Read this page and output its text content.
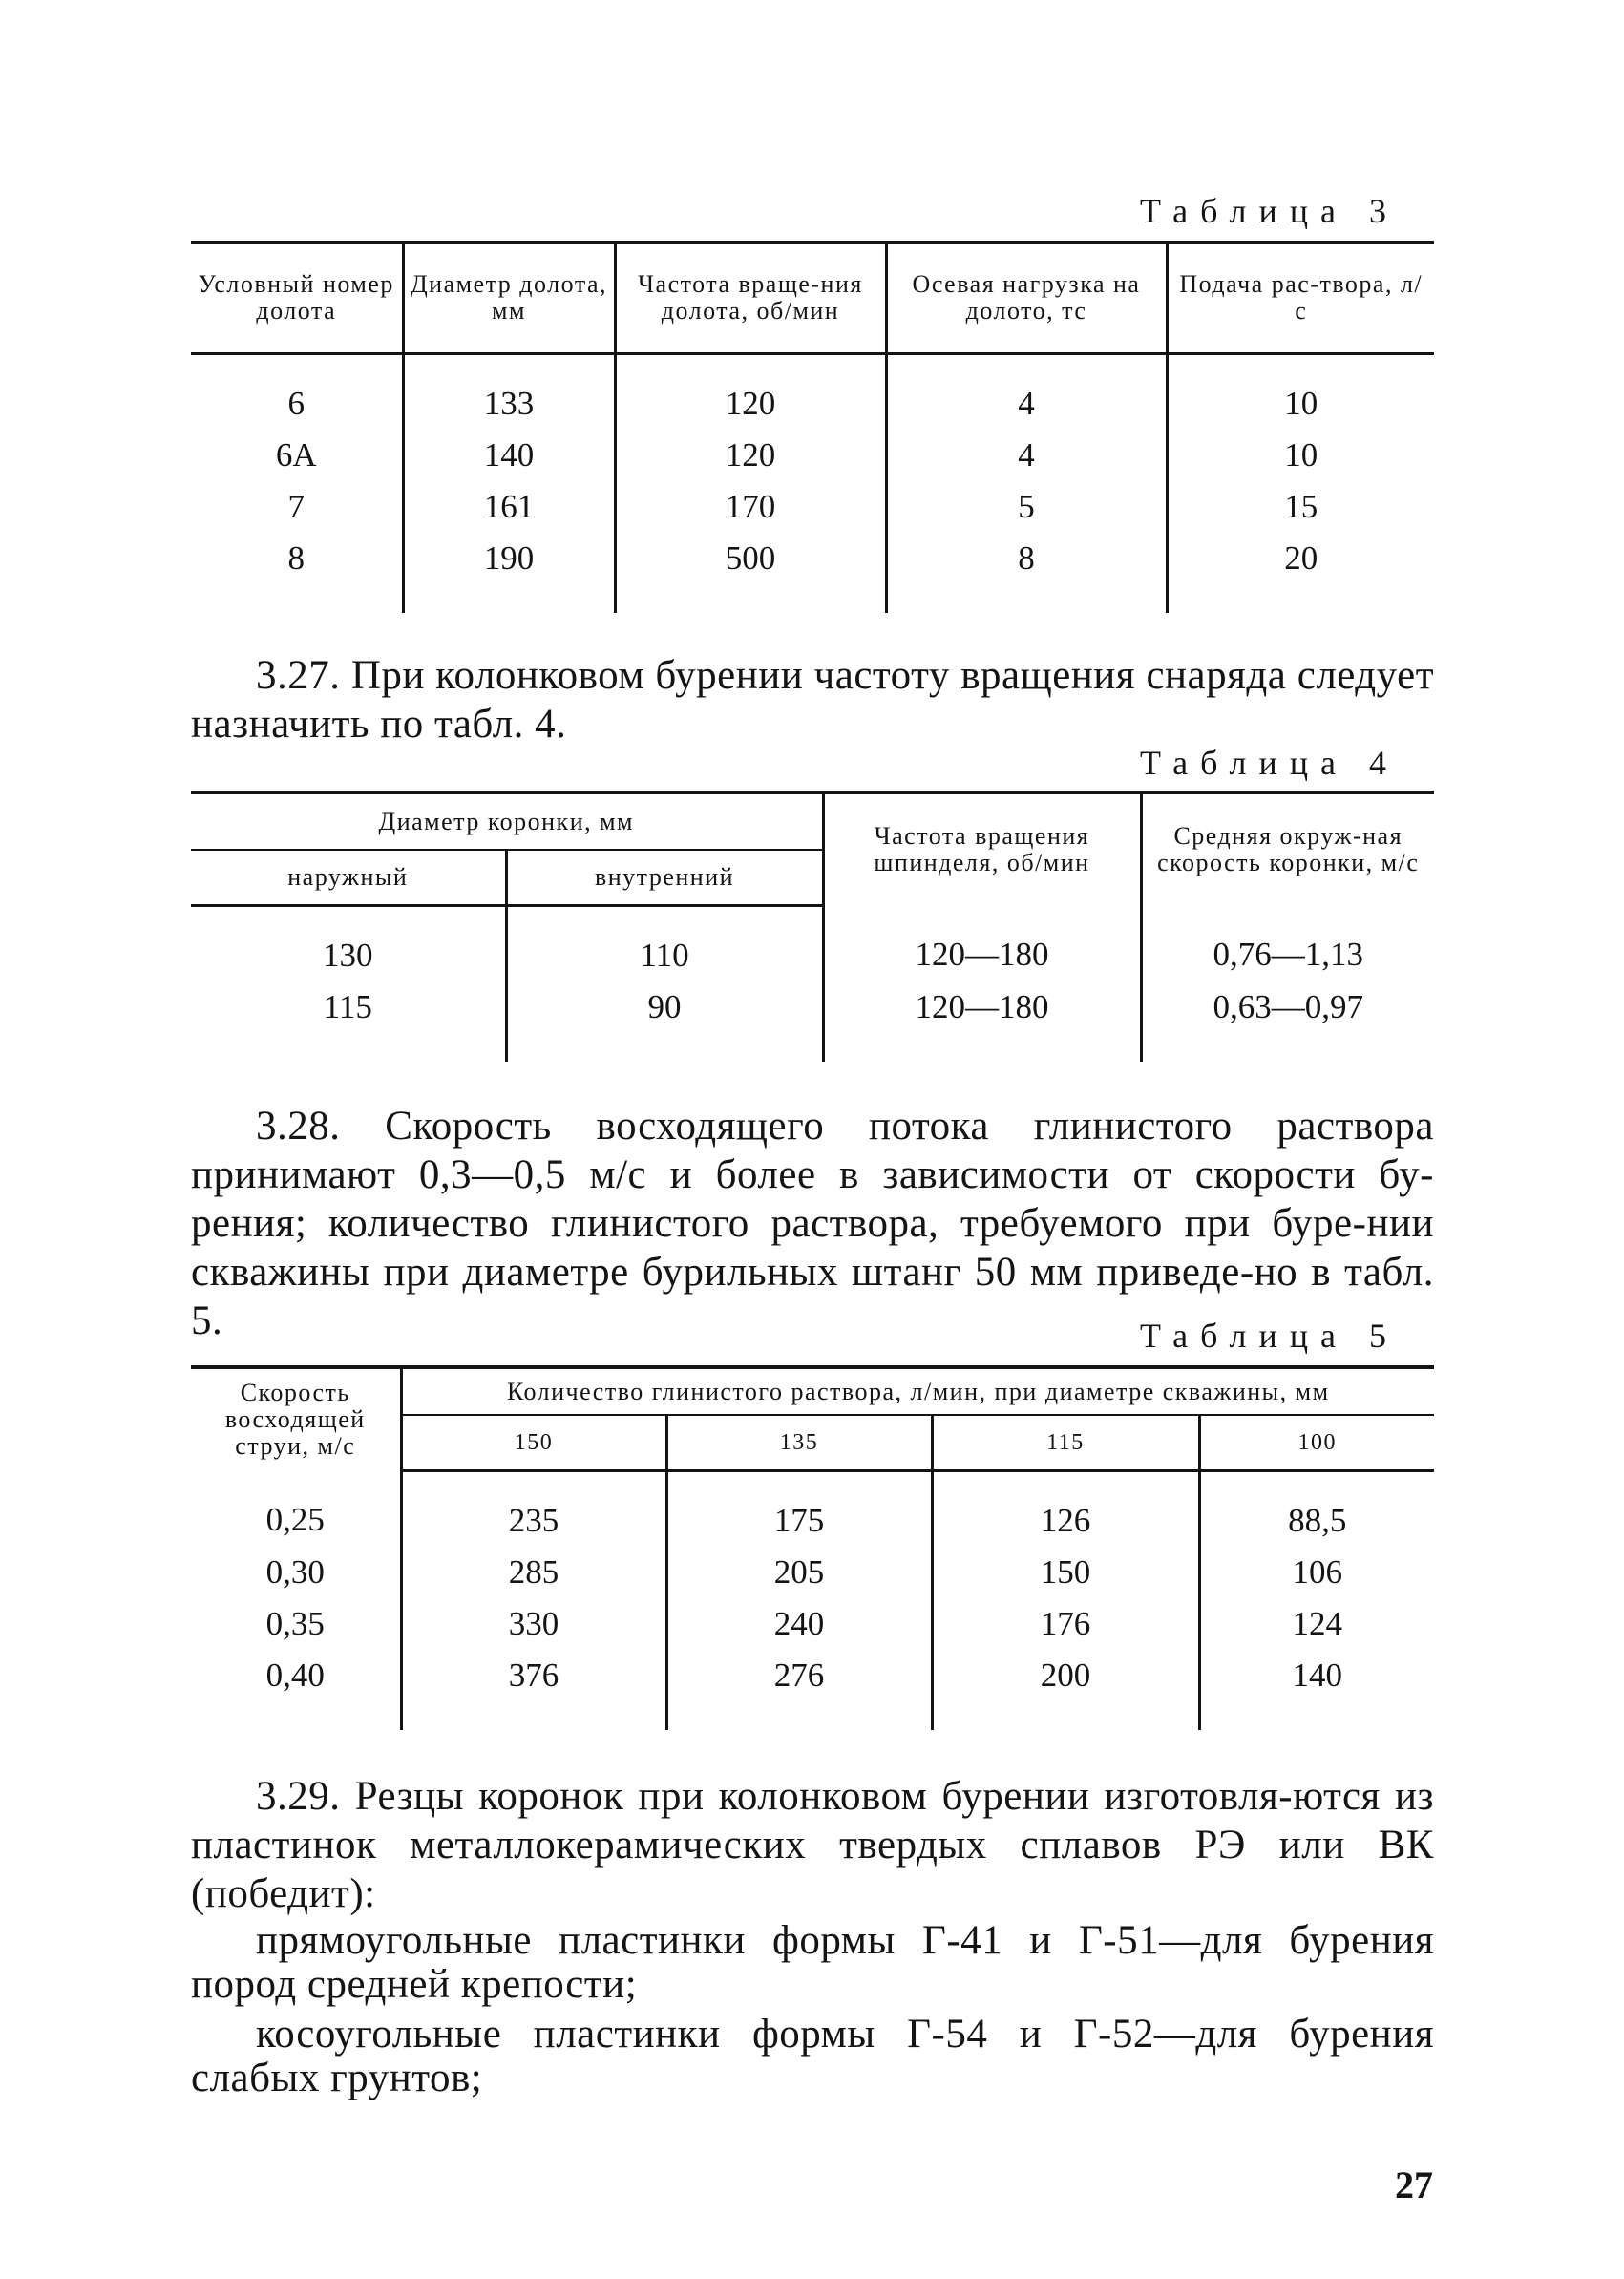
Таблица 3
Условный номер долота	Диаметр долота, мм	Частота враще-ния долота, об/мин	Осевая нагрузка на долото, тс	Подача рас-твора, л/с
6	133	120	4	10
6А	140	120	4	10
7	161	170	5	15
8	190	500	8	20

3.27. При колонковом бурении частоту вращения снаряда следует назначить по табл. 4.

Таблица 4
Диаметр коронки, мм		Частота вращения шпинделя, об/мин	Средняя окруж-ная скорость коронки, м/с
наружный	внутренний		
130	110	120—180	0,76—1,13
115	90	120—180	0,63—0,97

3.28. Скорость восходящего потока глинистого раствора принимают 0,3—0,5 м/с и более в зависимости от скорости бу-рения; количество глинистого раствора, требуемого при буре-нии скважины при диаметре бурильных штанг 50 мм приведе-но в табл. 5.	Таблица 5
Скорость восходящей струи, м/с	Количество глинистого раствора, л/мин, при диаметре скважины, мм			
	150	135	115	100
0,25	235	175	126	88,5
0,30	285	205	150	106
0,35	330	240	176	124
0,40	376	276	200	140

3.29. Резцы коронок при колонковом бурении изготовля-ются из пластинок металлокерамических твердых сплавов РЭ или ВК (победит):

прямоугольные пластинки формы Г-41 и Г-51—для бурения пород средней крепости;

косоугольные пластинки формы Г-54 и Г-52—для бурения слабых грунтов;

27
